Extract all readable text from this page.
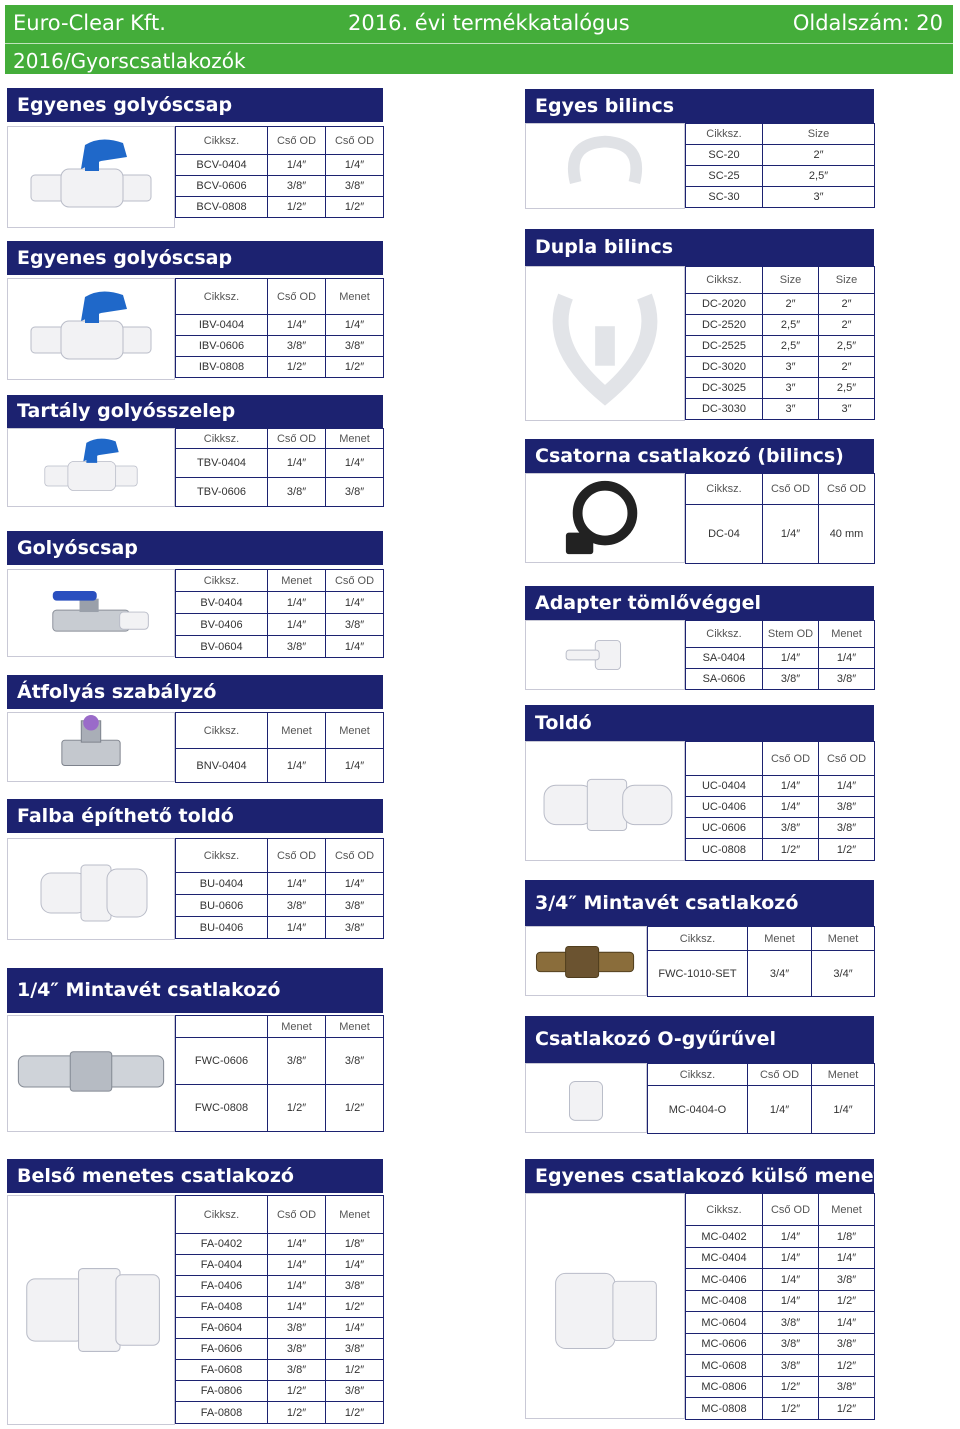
Euro-Clear Kft.	2016. évi termékkatalógus	Oldalszám: 20
2016/Gyorscsatlakozók
Egyenes golyóscsap
Cikksz.	Cső OD	Cső OD
BCV-0404	1/4″	1/4″
BCV-0606	3/8″	3/8″
BCV-0808	1/2″	1/2″
Egyenes golyóscsap
Cikksz.	Cső OD	Menet
IBV-0404	1/4″	1/4″
IBV-0606	3/8″	3/8″
IBV-0808	1/2″	1/2″
Tartály golyósszelep
Cikksz.	Cső OD	Menet
TBV-0404	1/4″	1/4″
TBV-0606	3/8″	3/8″
Golyóscsap
Cikksz.	Menet	Cső OD
BV-0404	1/4″	1/4″
BV-0406	1/4″	3/8″
BV-0604	3/8″	1/4″
Átfolyás szabályzó
Cikksz.	Menet	Menet
BNV-0404	1/4″	1/4″
Falba építhető toldó
Cikksz.	Cső OD	Cső OD
BU-0404	1/4″	1/4″
BU-0606	3/8″	3/8″
BU-0406	1/4″	3/8″
1/4″ Mintavét csatlakozó
	Menet	Menet
FWC-0606	3/8″	3/8″
FWC-0808	1/2″	1/2″
Belső menetes csatlakozó
Cikksz.	Cső OD	Menet
FA-0402	1/4″	1/8″
FA-0404	1/4″	1/4″
FA-0406	1/4″	3/8″
FA-0408	1/4″	1/2″
FA-0604	3/8″	1/4″
FA-0606	3/8″	3/8″
FA-0608	3/8″	1/2″
FA-0806	1/2″	3/8″
FA-0808	1/2″	1/2″
Egyes bilincs
Cikksz.	Size
SC-20	2″
SC-25	2,5″
SC-30	3″
Dupla bilincs
Cikksz.	Size	Size
DC-2020	2″	2″
DC-2520	2,5″	2″
DC-2525	2,5″	2,5″
DC-3020	3″	2″
DC-3025	3″	2,5″
DC-3030	3″	3″
Csatorna csatlakozó (bilincs)
Cikksz.	Cső OD	Cső OD
DC-04	1/4″	40 mm
Adapter tömlővéggel
Cikksz.	Stem OD	Menet
SA-0404	1/4″	1/4″
SA-0606	3/8″	3/8″
Toldó
	Cső OD	Cső OD
UC-0404	1/4″	1/4″
UC-0406	1/4″	3/8″
UC-0606	3/8″	3/8″
UC-0808	1/2″	1/2″
3/4″ Mintavét csatlakozó
Cikksz.	Menet	Menet
FWC-1010-SET	3/4″	3/4″
Csatlakozó O-gyűrűvel
Cikksz.	Cső OD	Menet
MC-0404-O	1/4″	1/4″
Egyenes csatlakozó külső menetes
Cikksz.	Cső OD	Menet
MC-0402	1/4″	1/8″
MC-0404	1/4″	1/4″
MC-0406	1/4″	3/8″
MC-0408	1/4″	1/2″
MC-0604	3/8″	1/4″
MC-0606	3/8″	3/8″
MC-0608	3/8″	1/2″
MC-0806	1/2″	3/8″
MC-0808	1/2″	1/2″
